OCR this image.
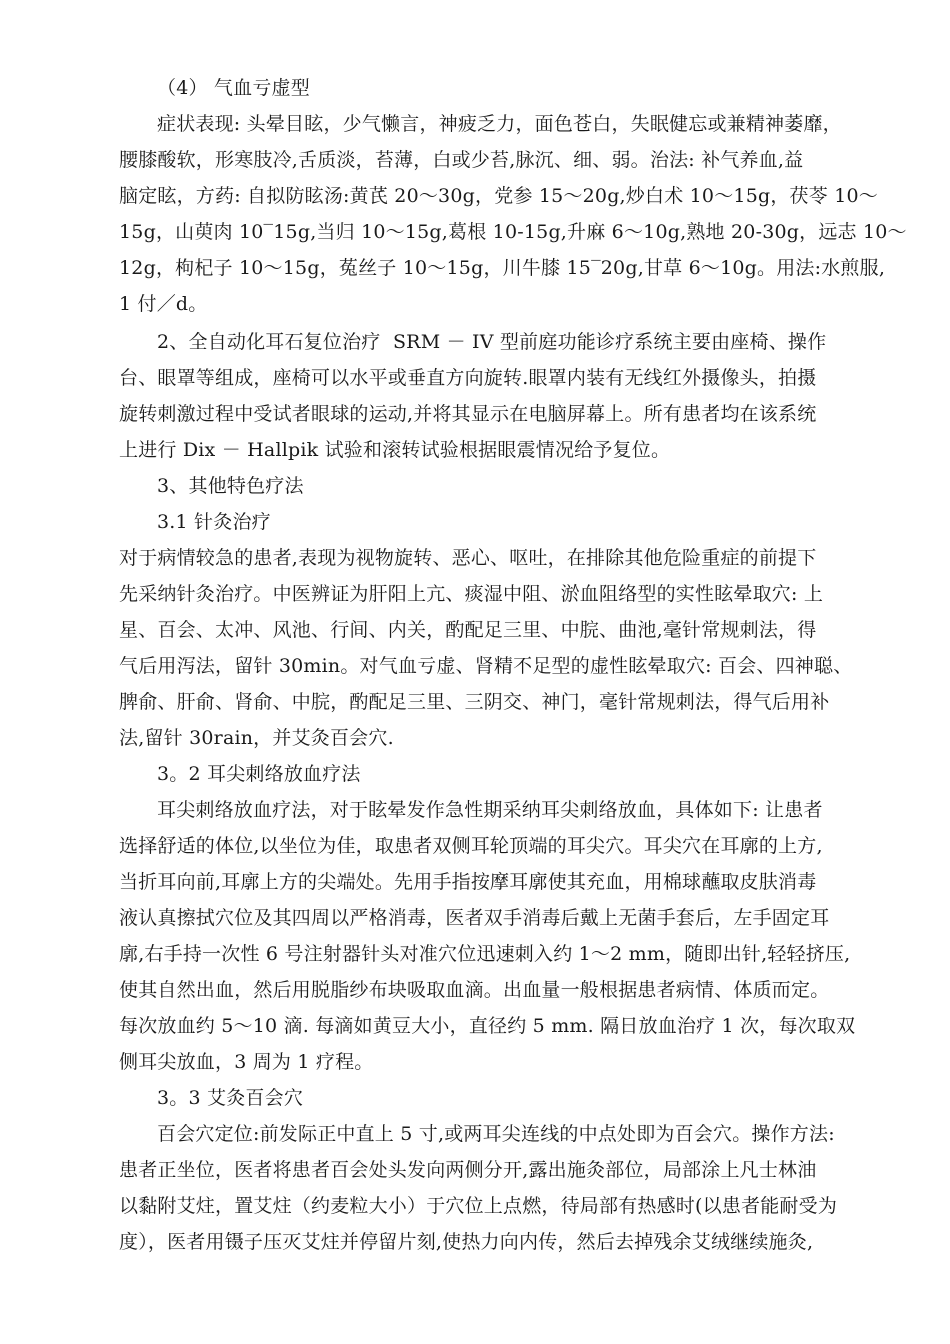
（4） 气血亏虚型
症状表现: 头晕目眩，少气懒言，神疲乏力，面色苍白，失眠健忘或兼精神萎靡，
腰膝酸软，形寒肢冷,舌质淡，苔薄，白或少苔,脉沉、细、弱。治法: 补气养血,益
脑定眩，方药: 自拟防眩汤:黄芪 20～30g，党参 15～20g,炒白术 10～15g，茯苓 10～
15g，山萸肉 10‾15g,当归 10～15g,葛根 10-15g,升麻 6～10g,熟地 20-30g，远志 10～
12g，枸杞子 10～15g，菟丝子 10～15g，川牛膝 15‾20g,甘草 6～10g。用法:水煎服,
1 付／d。
2、全自动化耳石复位治疗  SRM － IV 型前庭功能诊疗系统主要由座椅、操作
台、眼罩等组成，座椅可以水平或垂直方向旋转.眼罩内装有无线红外摄像头，拍摄
旋转刺激过程中受试者眼球的运动,并将其显示在电脑屏幕上。所有患者均在该系统
上进行 Dix － Hallpik 试验和滚转试验根据眼震情况给予复位。
3、其他特色疗法
3.1 针灸治疗
对于病情较急的患者,表现为视物旋转、恶心、呕吐，在排除其他危险重症的前提下
先采纳针灸治疗。中医辨证为肝阳上亢、痰湿中阻、淤血阻络型的实性眩晕取穴: 上
星、百会、太冲、风池、行间、内关，酌配足三里、中脘、曲池,毫针常规刺法，得
气后用泻法，留针 30min。对气血亏虚、肾精不足型的虚性眩晕取穴: 百会、四神聪、
脾俞、肝俞、肾俞、中脘，酌配足三里、三阴交、神门，毫针常规刺法，得气后用补
法,留针 30rain，并艾灸百会穴.
3。2 耳尖刺络放血疗法
耳尖刺络放血疗法，对于眩晕发作急性期采纳耳尖刺络放血，具体如下: 让患者
选择舒适的体位,以坐位为佳，取患者双侧耳轮顶端的耳尖穴。耳尖穴在耳廓的上方,
当折耳向前,耳廓上方的尖端处。先用手指按摩耳廓使其充血，用棉球蘸取皮肤消毒
液认真擦拭穴位及其四周以严格消毒，医者双手消毒后戴上无菌手套后，左手固定耳
廓,右手持一次性 6 号注射器针头对准穴位迅速刺入约 1～2 mm，随即出针,轻轻挤压,
使其自然出血，然后用脱脂纱布块吸取血滴。出血量一般根据患者病情、体质而定。
每次放血约 5～10 滴. 每滴如黄豆大小，直径约 5 mm. 隔日放血治疗 1 次，每次取双
侧耳尖放血，3 周为 1 疗程。
3。3 艾灸百会穴
百会穴定位:前发际正中直上 5 寸,或两耳尖连线的中点处即为百会穴。操作方法:
患者正坐位，医者将患者百会处头发向两侧分开,露出施灸部位，局部涂上凡士林油
以黏附艾炷，置艾炷（约麦粒大小）于穴位上点燃，待局部有热感时(以患者能耐受为
度），医者用镊子压灭艾炷并停留片刻,使热力向内传，然后去掉残余艾绒继续施灸,
